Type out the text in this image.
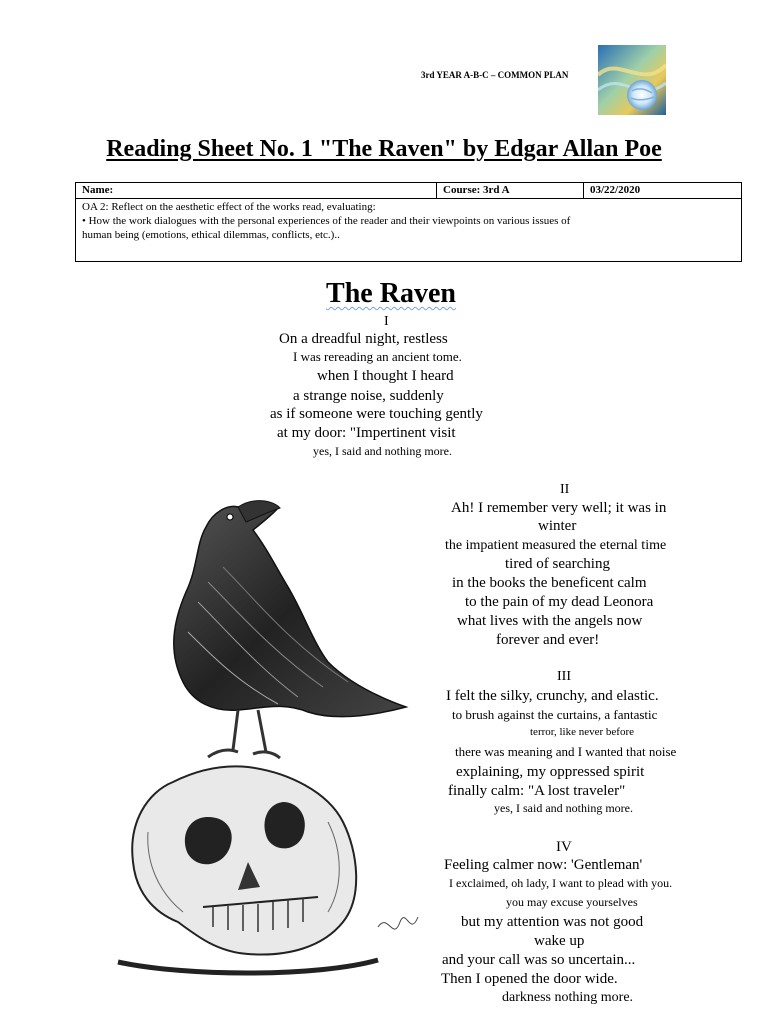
3rd YEAR A-B-C – COMMON PLAN
Reading Sheet No. 1 "The Raven" by Edgar Allan Poe
Name:	Course: 3rd A	03/22/2020
OA 2: Reflect on the aesthetic effect of the works read, evaluating:
• How the work dialogues with the personal experiences of the reader and their viewpoints on various issues of
human being (emotions, ethical dilemmas, conflicts, etc.)..
The Raven
I
On a dreadful night, restless
I was rereading an ancient tome.
when I thought I heard
a strange noise, suddenly
as if someone were touching gently
at my door: "Impertinent visit
yes, I said and nothing more.
II
Ah! I remember very well; it was in
winter
the impatient measured the eternal time
tired of searching
in the books the beneficent calm
to the pain of my dead Leonora
what lives with the angels now
forever and ever!
III
I felt the silky, crunchy, and elastic.
to brush against the curtains, a fantastic
terror, like never before
there was meaning and I wanted that noise
explaining, my oppressed spirit
finally calm: "A lost traveler"
yes, I said and nothing more.
IV
Feeling calmer now: 'Gentleman'
I exclaimed, oh lady, I want to plead with you.
you may excuse yourselves
but my attention was not good
wake up
and your call was so uncertain...
Then I opened the door wide.
darkness nothing more.
